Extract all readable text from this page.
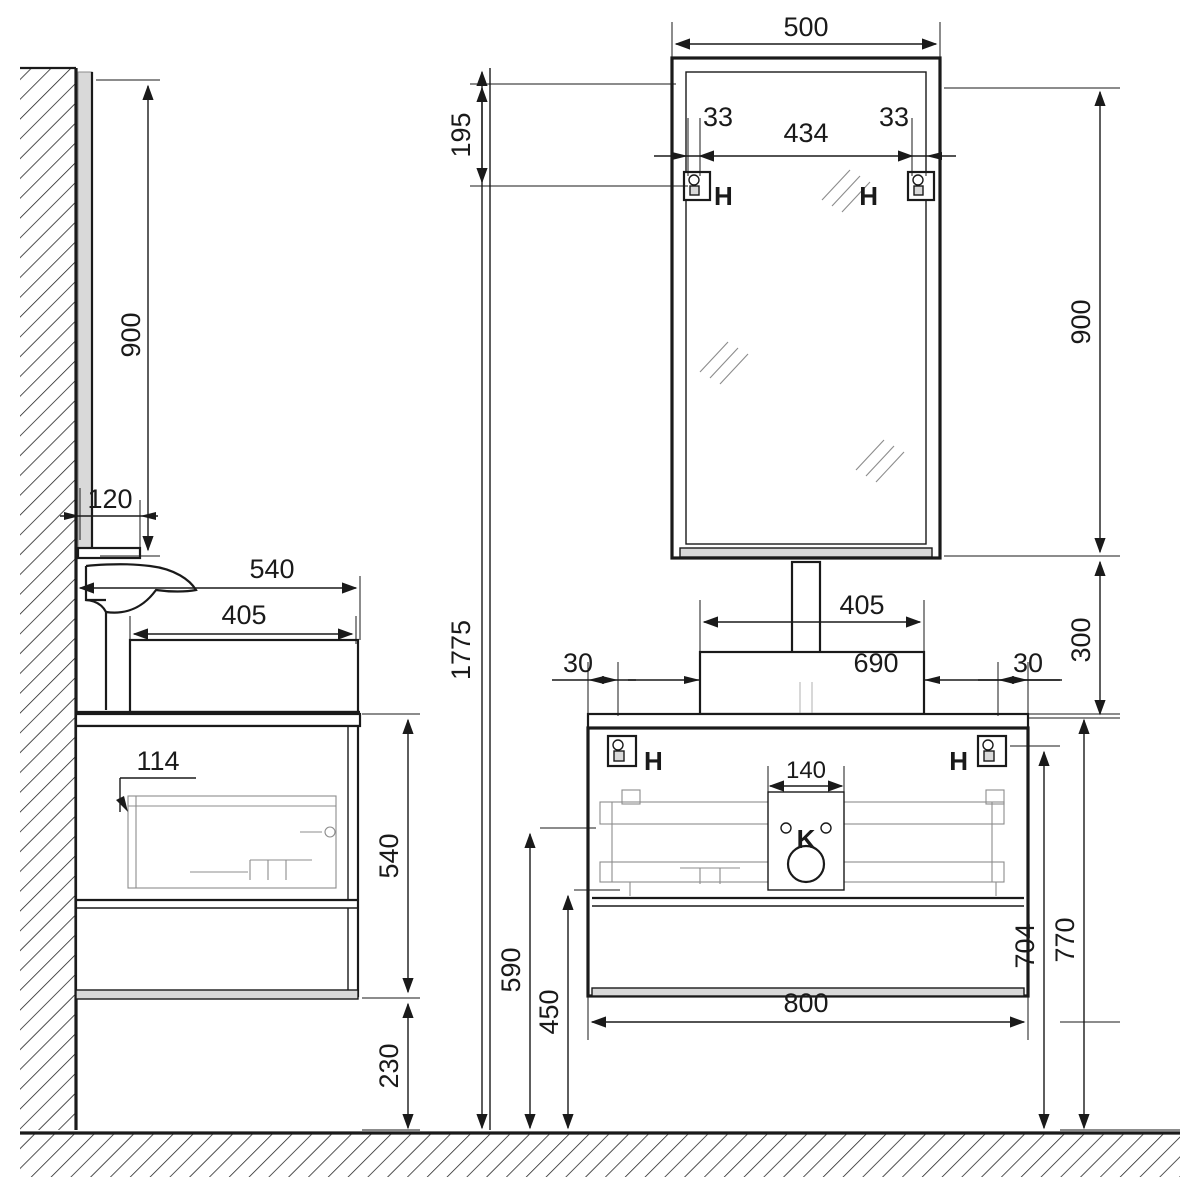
900
120
540
405
114
540
230
H	H
500
195	33
434
33
900
1775
K
H	H
405
690
30	30
300
140
800
770
704
590
450
